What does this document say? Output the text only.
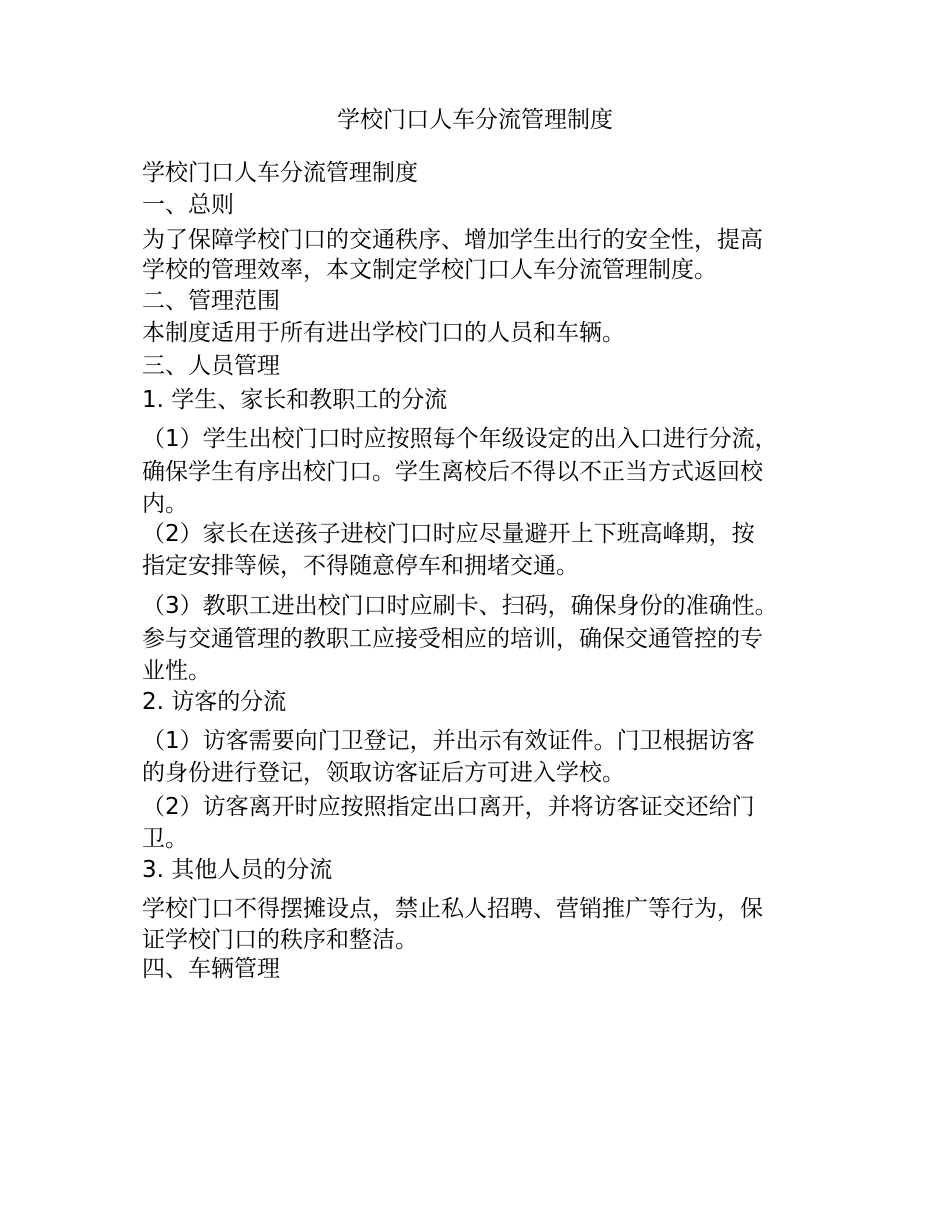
学校门口人车分流管理制度
学校门口人车分流管理制度
一、总则
为了保障学校门口的交通秩序、增加学生出行的安全性，提高
学校的管理效率，本文制定学校门口人车分流管理制度。
二、管理范围
本制度适用于所有进出学校门口的人员和车辆。
三、人员管理
1. 学生、家长和教职工的分流
（1）学生出校门口时应按照每个年级设定的出入口进行分流，
确保学生有序出校门口。学生离校后不得以不正当方式返回校
内。
（2）家长在送孩子进校门口时应尽量避开上下班高峰期，按
指定安排等候，不得随意停车和拥堵交通。
（3）教职工进出校门口时应刷卡、扫码，确保身份的准确性。
参与交通管理的教职工应接受相应的培训，确保交通管控的专
业性。
2. 访客的分流
（1）访客需要向门卫登记，并出示有效证件。门卫根据访客
的身份进行登记，领取访客证后方可进入学校。
（2）访客离开时应按照指定出口离开，并将访客证交还给门
卫。
3. 其他人员的分流
学校门口不得摆摊设点，禁止私人招聘、营销推广等行为，保
证学校门口的秩序和整洁。
四、车辆管理
